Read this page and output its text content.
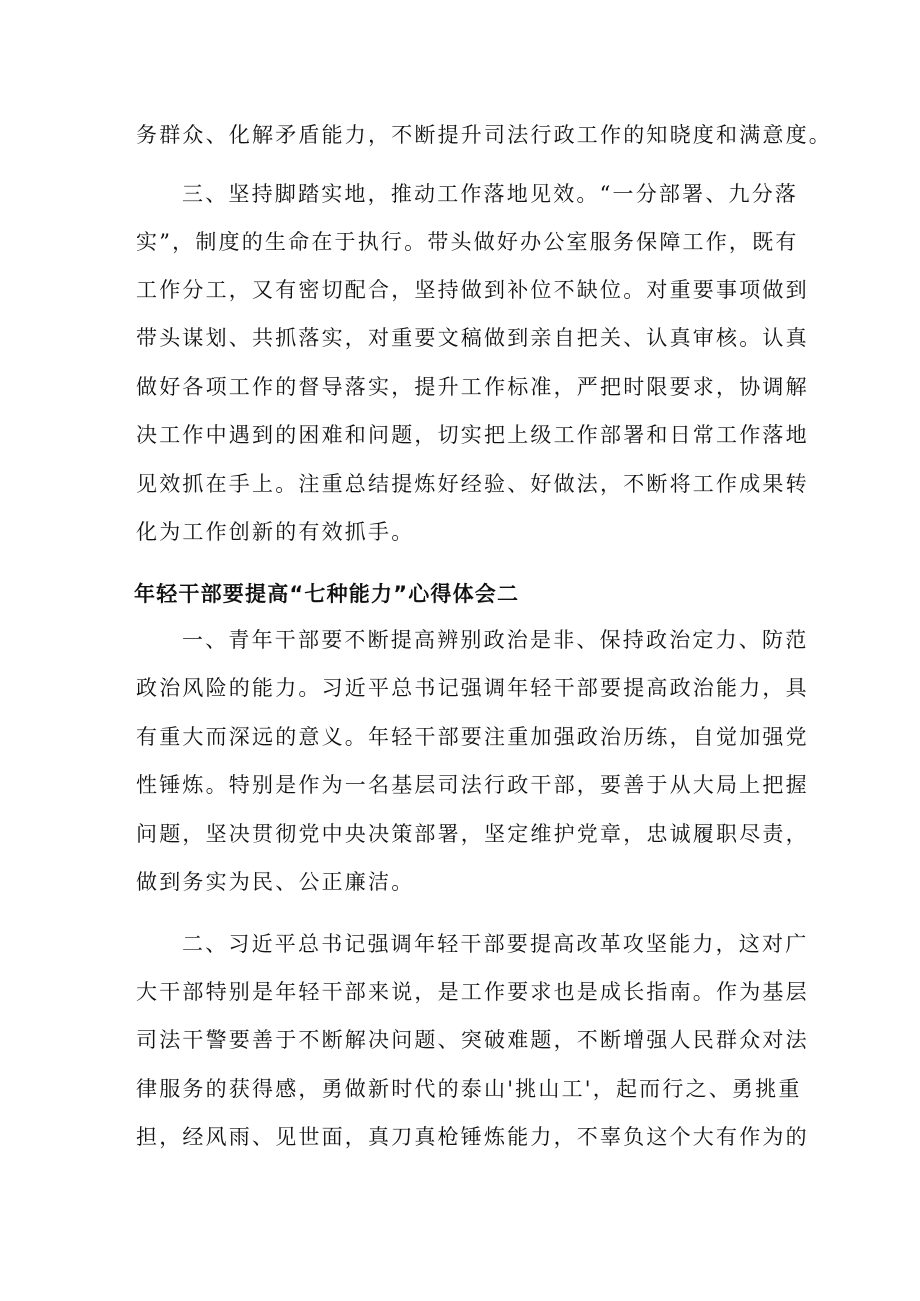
务群众、化解矛盾能力，不断提升司法行政工作的知晓度和满意度。
三、坚持脚踏实地，推动工作落地见效。“一分部署、九分落
实”，制度的生命在于执行。带头做好办公室服务保障工作，既有
工作分工，又有密切配合，坚持做到补位不缺位。对重要事项做到
带头谋划、共抓落实，对重要文稿做到亲自把关、认真审核。认真
做好各项工作的督导落实，提升工作标准，严把时限要求，协调解
决工作中遇到的困难和问题，切实把上级工作部署和日常工作落地
见效抓在手上。注重总结提炼好经验、好做法，不断将工作成果转
化为工作创新的有效抓手。
年轻干部要提高“七种能力”心得体会二
一、青年干部要不断提高辨别政治是非、保持政治定力、防范
政治风险的能力。习近平总书记强调年轻干部要提高政治能力，具
有重大而深远的意义。年轻干部要注重加强政治历练，自觉加强党
性锤炼。特别是作为一名基层司法行政干部，要善于从大局上把握
问题，坚决贯彻党中央决策部署，坚定维护党章，忠诚履职尽责，
做到务实为民、公正廉洁。
二、习近平总书记强调年轻干部要提高改革攻坚能力，这对广
大干部特别是年轻干部来说，是工作要求也是成长指南。作为基层
司法干警要善于不断解决问题、突破难题，不断增强人民群众对法
律服务的获得感，勇做新时代的泰山'挑山工'，起而行之、勇挑重
担，经风雨、见世面，真刀真枪锤炼能力，不辜负这个大有作为的
